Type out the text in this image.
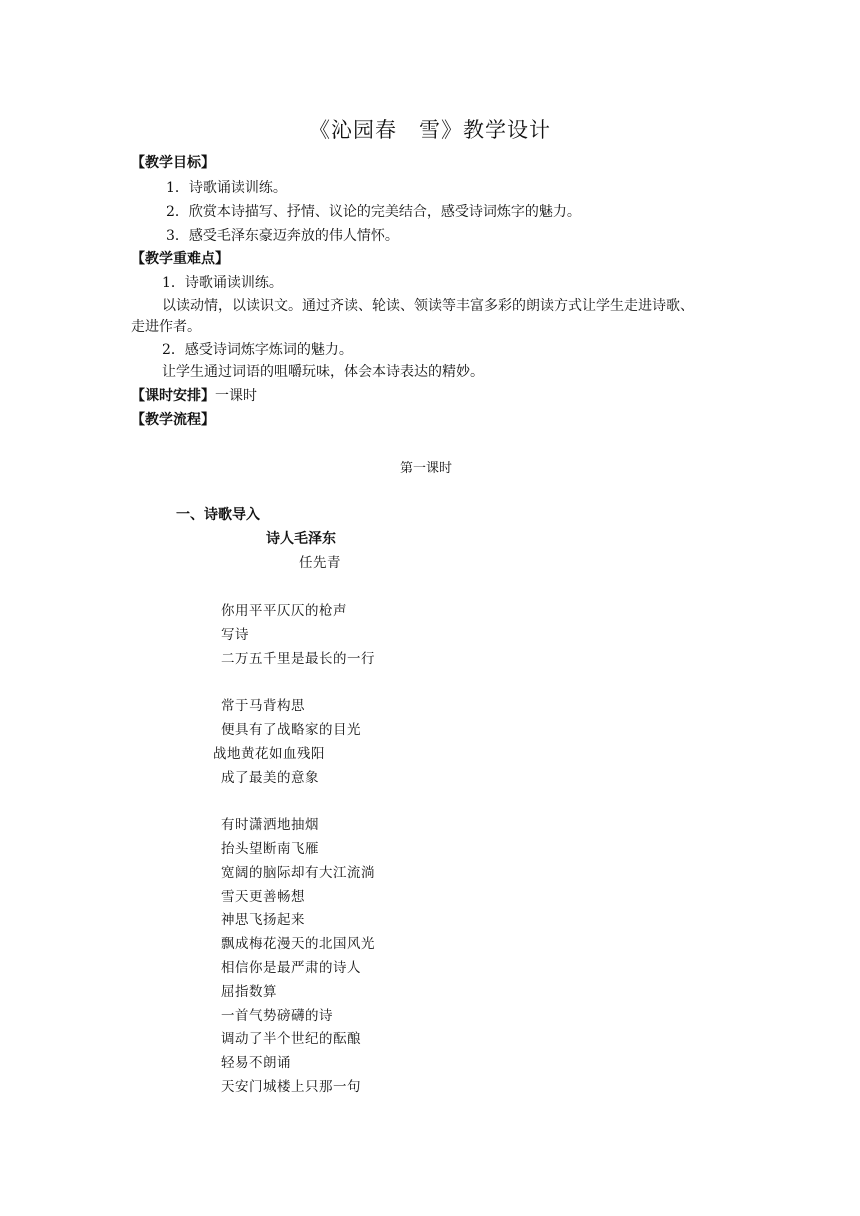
《沁园春 雪》教学设计
【教学目标】
1．诗歌诵读训练。
2．欣赏本诗描写、抒情、议论的完美结合，感受诗词炼字的魅力。
3．感受毛泽东豪迈奔放的伟人情怀。
【教学重难点】
1．诗歌诵读训练。
以读动情，以读识文。通过齐读、轮读、领读等丰富多彩的朗读方式让学生走进诗歌、
走进作者。
2．感受诗词炼字炼词的魅力。
让学生通过词语的咀嚼玩味，体会本诗表达的精妙。
【课时安排】一课时
【教学流程】
第一课时
一、诗歌导入
诗人毛泽东
任先青
你用平平仄仄的枪声
写诗
二万五千里是最长的一行
常于马背构思
便具有了战略家的目光
战地黄花如血残阳
成了最美的意象
有时潇洒地抽烟
抬头望断南飞雁
宽阔的脑际却有大江流淌
雪天更善畅想
神思飞扬起来
飘成梅花漫天的北国风光
相信你是最严肃的诗人
屈指数算
一首气势磅礴的诗
调动了半个世纪的酝酿
轻易不朗诵
天安门城楼上只那一句
